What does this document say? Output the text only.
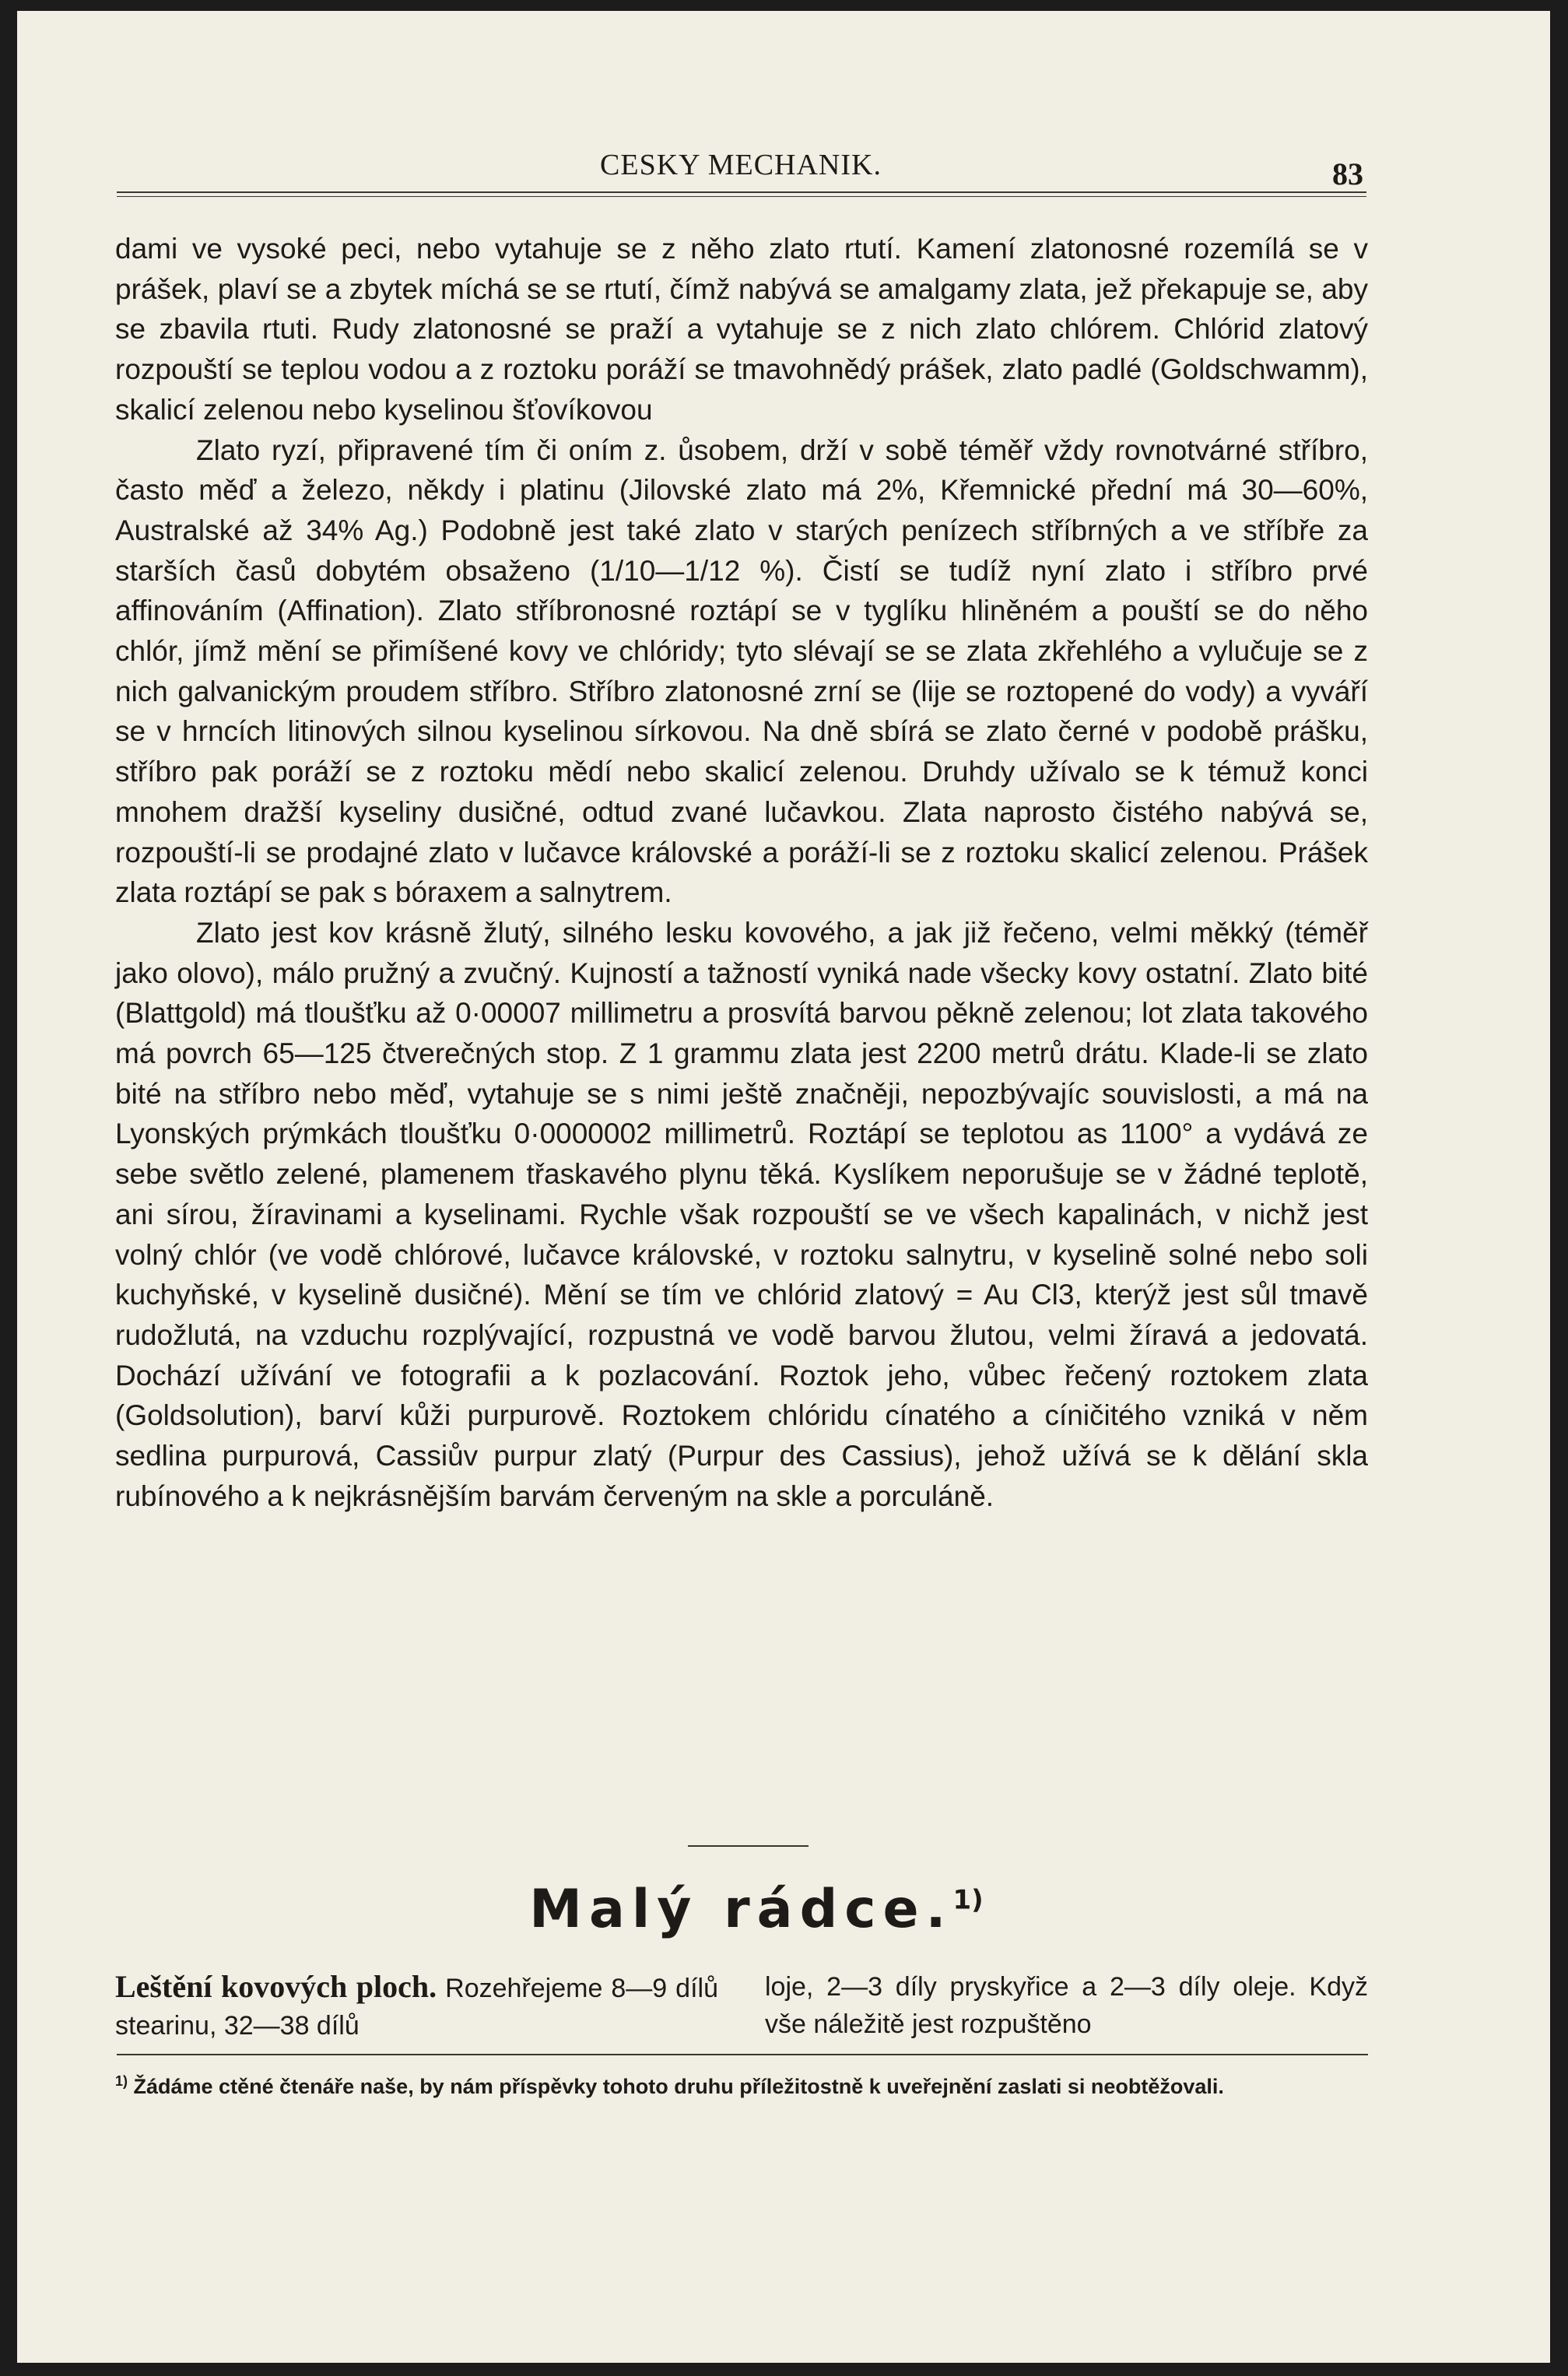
CESKY MECHANIK.	83

dami ve vysoké peci, nebo vytahuje se z něho zlato rtutí. Kamení zlatonosné rozemílá se v prášek, plaví se a zbytek míchá se se rtutí, čímž nabývá se amalgamy zlata, jež překapuje se, aby se zbavila rtuti. Rudy zlatonosné se praží a vytahuje se z nich zlato chlórem. Chlórid zlatový rozpouští se teplou vodou a z roztoku poráží se tmavohnědý prášek, zlato padlé (Goldschwamm), skalicí zelenou nebo kyselinou šťovíkovou

Zlato ryzí, připravené tím či oním z. ůsobem, drží v sobě téměř vždy rovnotvárné stříbro, často měď a železo, někdy i platinu (Jilovské zlato má 2%, Křemnické přední má 30—60%, Australské až 34% Ag.) Podobně jest také zlato v starých penízech stříbrných a ve stříbře za starších časů dobytém obsaženo (1/10—1/12 %). Čistí se tudíž nyní zlato i stříbro prvé affinováním (Affination). Zlato stříbronosné roztápí se v tyglíku hliněném a pouští se do něho chlór, jímž mění se přimíšené kovy ve chlóridy; tyto slévají se se zlata zkřehlého a vylučuje se z nich galvanickým proudem stříbro. Stříbro zlatonosné zrní se (lije se roztopené do vody) a vyváří se v hrncích litinových silnou kyselinou sírkovou. Na dně sbírá se zlato černé v podobě prášku, stříbro pak poráží se z roztoku mědí nebo skalicí zelenou. Druhdy užívalo se k témuž konci mnohem dražší kyseliny dusičné, odtud zvané lučavkou. Zlata naprosto čistého nabývá se, rozpouští-li se prodajné zlato v lučavce královské a poráží-li se z roztoku skalicí zelenou. Prášek zlata roztápí se pak s bóraxem a salnytrem.

Zlato jest kov krásně žlutý, silného lesku kovového, a jak již řečeno, velmi měkký (téměř jako olovo), málo pružný a zvučný. Kujností a tažností vyniká nade všecky kovy ostatní. Zlato bité (Blattgold) má tloušťku až 0·00007 millimetru a prosvítá barvou pěkně zelenou; lot zlata takového má povrch 65—125 čtverečných stop. Z 1 grammu zlata jest 2200 metrů drátu. Klade-li se zlato bité na stříbro nebo měď, vytahuje se s nimi ještě značněji, nepozbývajíc souvislosti, a má na Lyonských prýmkách tloušťku 0·0000002 millimetrů. Roztápí se teplotou as 1100° a vydává ze sebe světlo zelené, plamenem třaskavého plynu těká. Kyslíkem neporušuje se v žádné teplotě, ani sírou, žíravinami a kyselinami. Rychle však rozpouští se ve všech kapalinách, v nichž jest volný chlór (ve vodě chlórové, lučavce královské, v roztoku salnytru, v kyselině solné nebo soli kuchyňské, v kyselině dusičné). Mění se tím ve chlórid zlatový = Au Cl3, kterýž jest sůl tmavě rudožlutá, na vzduchu rozplývající, rozpustná ve vodě barvou žlutou, velmi žíravá a jedovatá. Dochází užívání ve fotografii a k pozlacování. Roztok jeho, vůbec řečený roztokem zlata (Goldsolution), barví kůži purpurově. Roztokem chlóridu cínatého a cíničitého vzniká v něm sedlina purpurová, Cassiův purpur zlatý (Purpur des Cassius), jehož užívá se k dělání skla rubínového a k nejkrásnějším barvám červeným na skle a porculáně.

Malý rádce.$^{1)}$
Leštění kovových ploch. Rozehřejeme 8—9 dílů stearinu, 32—38 dílů
loje, 2—3 díly pryskyřice a 2—3 díly oleje. Když vše náležitě jest rozpuštěno
$^{1)}$ Žádáme ctěné čtenáře naše, by nám příspěvky tohoto druhu příležitostně k uveřejnění zaslati si neobtěžovali.
